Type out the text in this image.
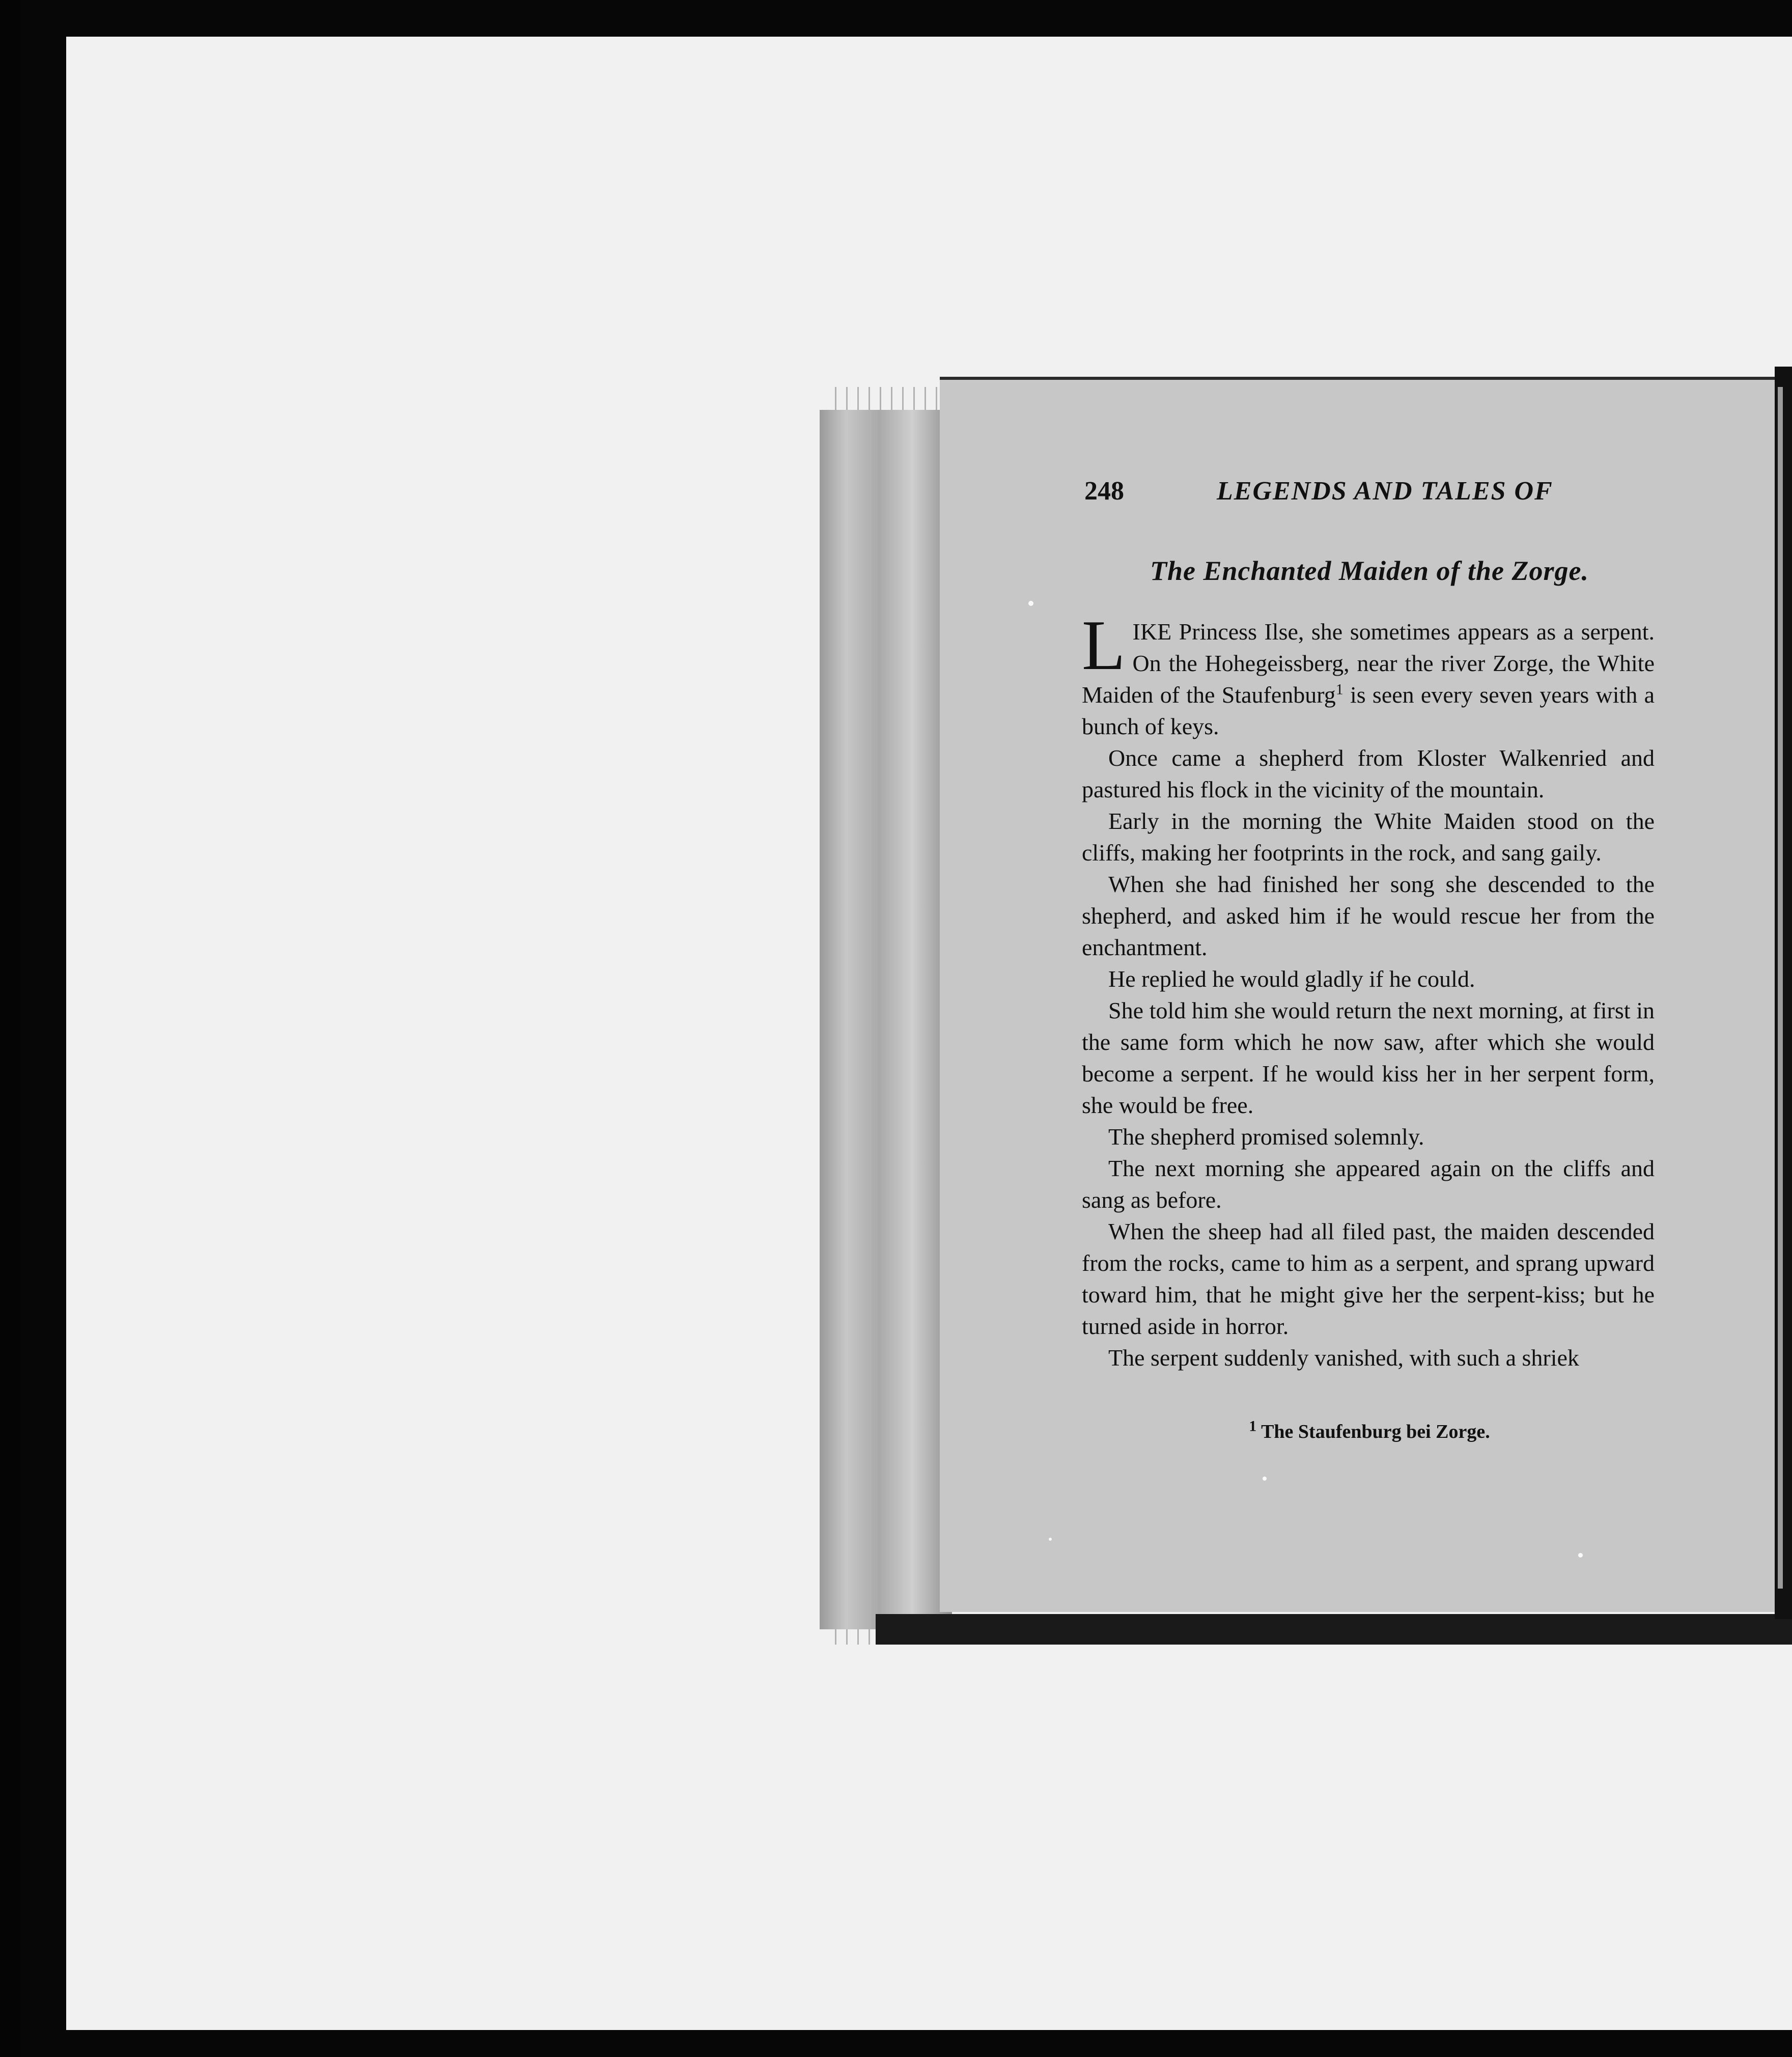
248	LEGENDS AND TALES OF
The Enchanted Maiden of the Zorge.

LIKE Princess Ilse, she sometimes appears as a serpent. On the Hohegeissberg, near the river Zorge, the White Maiden of the Staufenburg$^1$ is seen every seven years with a bunch of keys.

Once came a shepherd from Kloster Walkenried and pastured his flock in the vicinity of the mountain.

Early in the morning the White Maiden stood on the cliffs, making her footprints in the rock, and sang gaily.

When she had finished her song she descended to the shepherd, and asked him if he would rescue her from the enchantment.

He replied he would gladly if he could.

She told him she would return the next morning, at first in the same form which he now saw, after which she would become a serpent. If he would kiss her in her serpent form, she would be free.

The shepherd promised solemnly.

The next morning she appeared again on the cliffs and sang as before.

When the sheep had all filed past, the maiden descended from the rocks, came to him as a serpent, and sprang upward toward him, that he might give her the serpent-kiss; but he turned aside in horror.

The serpent suddenly vanished, with such a shriek

$^1$ The Staufenburg bei Zorge.
